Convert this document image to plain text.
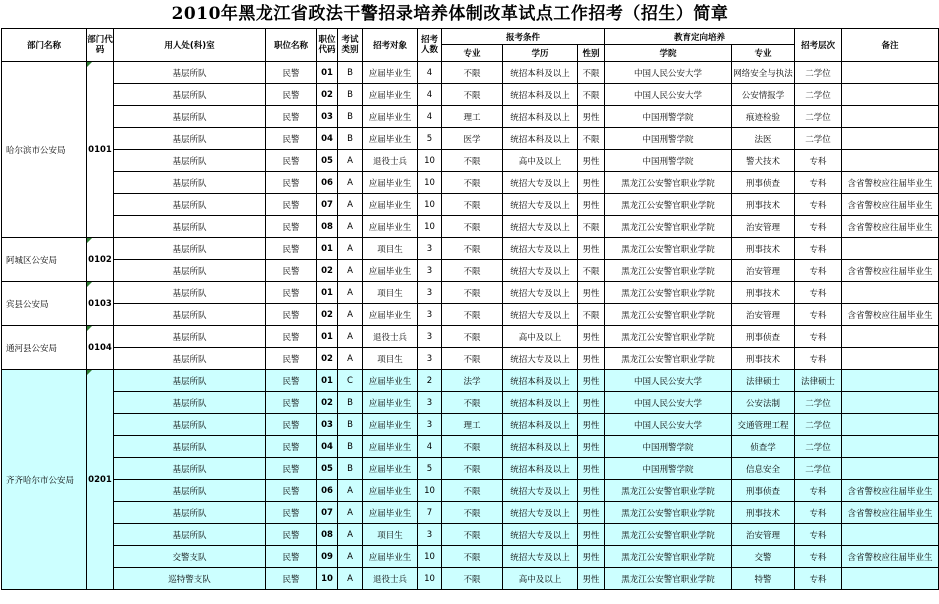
2010年黑龙江省政法干警招录培养体制改革试点工作招考（招生）简章
部门名称	部门代码	用人处(科)室	职位名称	职位代码	考试类别	招考对象	招考人数	报考条件			教育定向培养		招考层次	备注
								专业	学历	性别	学院	专业		
哈尔滨市公安局	0101	基层所队	民警	01	B	应届毕业生	4	不限	统招本科及以上	不限	中国人民公安大学	网络安全与执法	二学位	
		基层所队	民警	02	B	应届毕业生	4	不限	统招本科及以上	不限	中国人民公安大学	公安情报学	二学位	
		基层所队	民警	03	B	应届毕业生	4	理工	统招本科及以上	男性	中国刑警学院	痕迹检验	二学位	
		基层所队	民警	04	B	应届毕业生	5	医学	统招本科及以上	不限	中国刑警学院	法医	二学位	
		基层所队	民警	05	A	退役士兵	10	不限	高中及以上	男性	中国刑警学院	警犬技术	专科	
		基层所队	民警	06	A	应届毕业生	10	不限	统招大专及以上	男性	黑龙江公安警官职业学院	刑事侦查	专科	含省警校应往届毕业生
		基层所队	民警	07	A	应届毕业生	10	不限	统招大专及以上	男性	黑龙江公安警官职业学院	刑事技术	专科	含省警校应往届毕业生
		基层所队	民警	08	A	应届毕业生	10	不限	统招大专及以上	不限	黑龙江公安警官职业学院	治安管理	专科	含省警校应往届毕业生
阿城区公安局	0102	基层所队	民警	01	A	项目生	3	不限	统招大专及以上	男性	黑龙江公安警官职业学院	刑事技术	专科	
		基层所队	民警	02	A	应届毕业生	3	不限	统招大专及以上	不限	黑龙江公安警官职业学院	治安管理	专科	含省警校应往届毕业生
宾县公安局	0103	基层所队	民警	01	A	项目生	3	不限	统招大专及以上	男性	黑龙江公安警官职业学院	刑事技术	专科	
		基层所队	民警	02	A	应届毕业生	3	不限	统招大专及以上	不限	黑龙江公安警官职业学院	治安管理	专科	含省警校应往届毕业生
通河县公安局	0104	基层所队	民警	01	A	退役士兵	3	不限	高中及以上	男性	黑龙江公安警官职业学院	刑事侦查	专科	
		基层所队	民警	02	A	项目生	3	不限	统招大专及以上	男性	黑龙江公安警官职业学院	刑事技术	专科	
齐齐哈尔市公安局	0201	基层所队	民警	01	C	应届毕业生	2	法学	统招本科及以上	男性	中国人民公安大学	法律硕士	法律硕士	
		基层所队	民警	02	B	应届毕业生	3	不限	统招本科及以上	男性	中国人民公安大学	公安法制	二学位	
		基层所队	民警	03	B	应届毕业生	3	理工	统招本科及以上	男性	中国人民公安大学	交通管理工程	二学位	
		基层所队	民警	04	B	应届毕业生	4	不限	统招本科及以上	男性	中国刑警学院	侦查学	二学位	
		基层所队	民警	05	B	应届毕业生	5	不限	统招本科及以上	男性	中国刑警学院	信息安全	二学位	
		基层所队	民警	06	A	应届毕业生	10	不限	统招大专及以上	男性	黑龙江公安警官职业学院	刑事侦查	专科	含省警校应往届毕业生
		基层所队	民警	07	A	应届毕业生	7	不限	统招大专及以上	男性	黑龙江公安警官职业学院	刑事技术	专科	含省警校应往届毕业生
		基层所队	民警	08	A	项目生	3	不限	统招大专及以上	男性	黑龙江公安警官职业学院	治安管理	专科	
		交警支队	民警	09	A	应届毕业生	10	不限	统招大专及以上	男性	黑龙江公安警官职业学院	交警	专科	含省警校应往届毕业生
		巡特警支队	民警	10	A	退役士兵	10	不限	高中及以上	男性	黑龙江公安警官职业学院	特警	专科	
